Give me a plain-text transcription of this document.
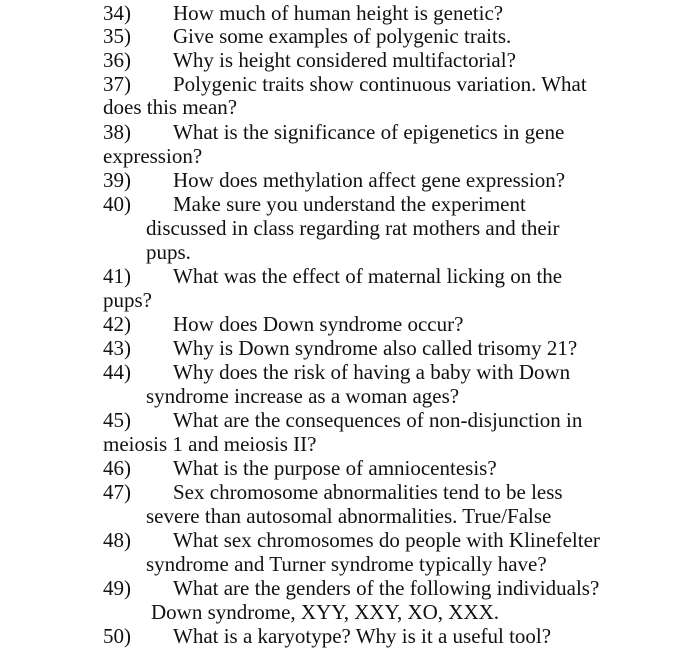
34) How much of human height is genetic?
35) Give some examples of polygenic traits.
36) Why is height considered multifactorial?
37) Polygenic traits show continuous variation. What
does this mean?
38) What is the significance of epigenetics in gene
expression?
39) How does methylation affect gene expression?
40) Make sure you understand the experiment
discussed in class regarding rat mothers and their
pups.
41) What was the effect of maternal licking on the
pups?
42) How does Down syndrome occur?
43) Why is Down syndrome also called trisomy 21?
44) Why does the risk of having a baby with Down
syndrome increase as a woman ages?
45) What are the consequences of non-disjunction in
meiosis 1 and meiosis II?
46) What is the purpose of amniocentesis?
47) Sex chromosome abnormalities tend to be less
severe than autosomal abnormalities. True/False
48) What sex chromosomes do people with Klinefelter
syndrome and Turner syndrome typically have?
49) What are the genders of the following individuals?
Down syndrome, XYY, XXY, XO, XXX.
50) What is a karyotype? Why is it a useful tool?
